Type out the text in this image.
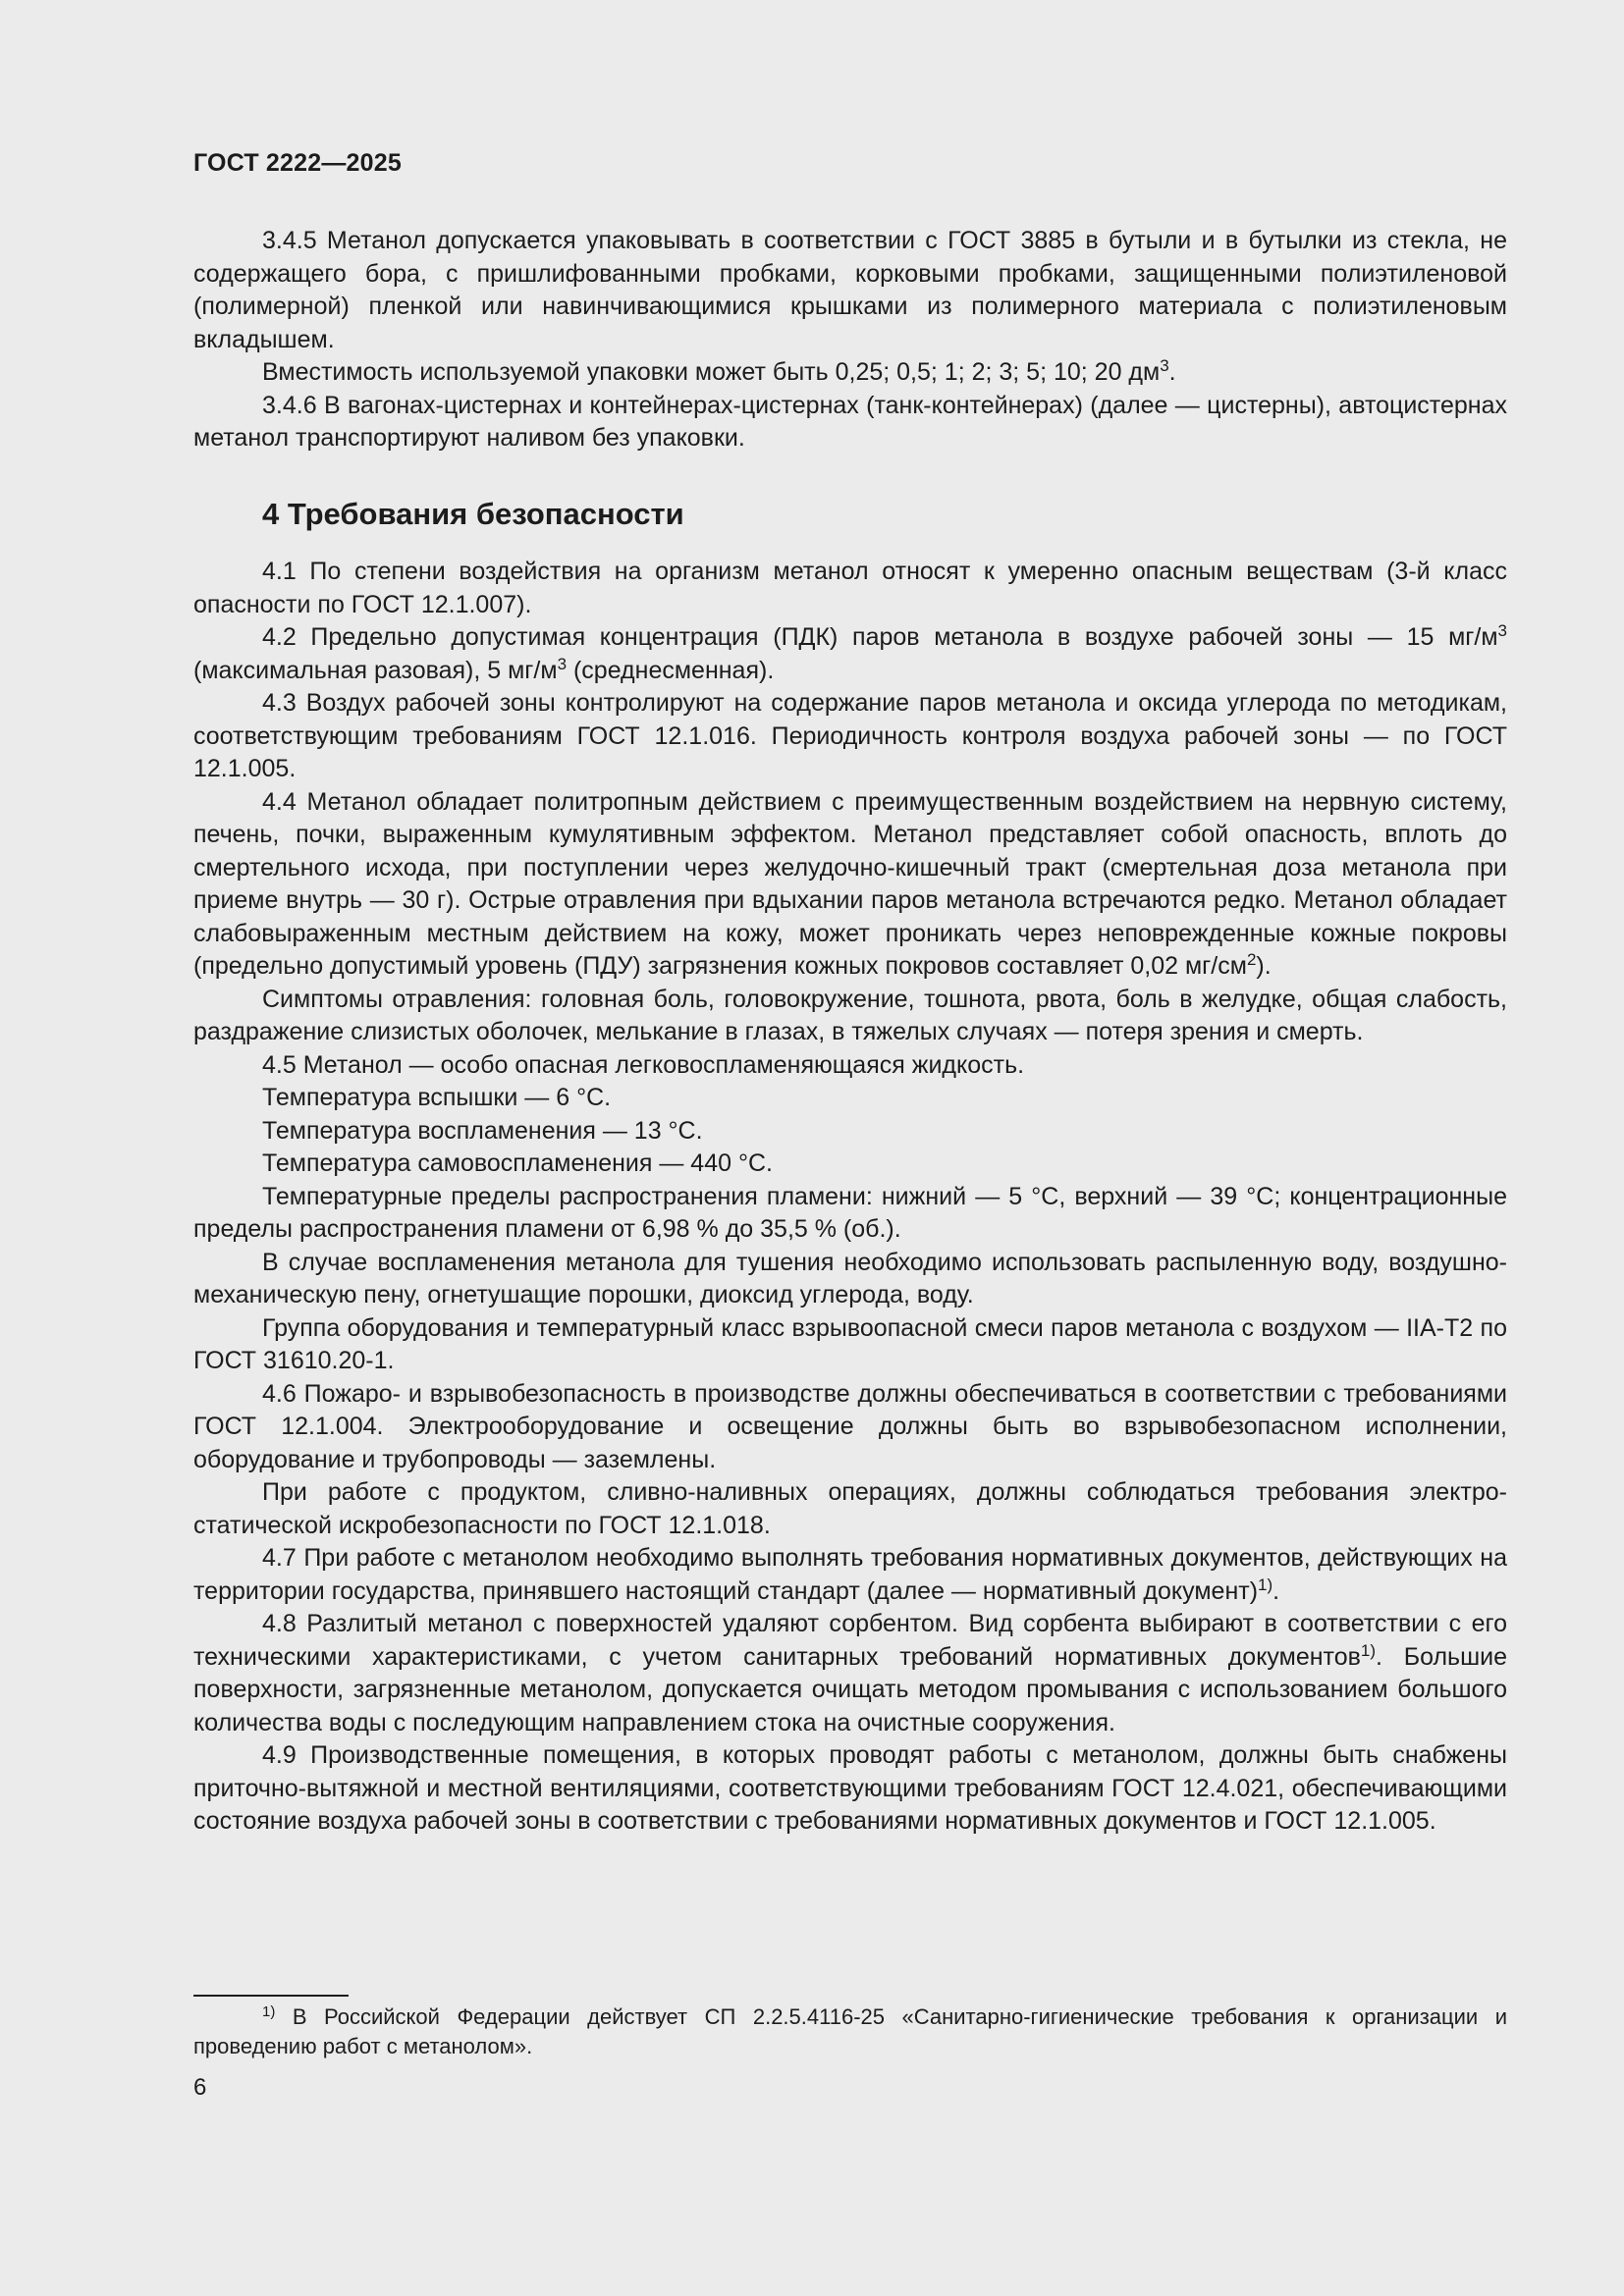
ГОСТ 2222—2025

3.4.5 Метанол допускается упаковывать в соответствии с ГОСТ 3885 в бутыли и в бутылки из стекла, не содержащего бора, с пришлифованными пробками, корковыми пробками, защищенными полиэтиленовой (полимерной) пленкой или навинчивающимися крышками из полимерного материала с полиэтиленовым вкладышем.

Вместимость используемой упаковки может быть 0,25; 0,5; 1; 2; 3; 5; 10; 20 $дм^3$.

3.4.6 В вагонах-цистернах и контейнерах-цистернах (танк-контейнерах) (далее — цистерны), автоцистернах метанол транспортируют наливом без упаковки.

4 Требования безопасности

4.1 По степени воздействия на организм метанол относят к умеренно опасным веществам (3-й класс опасности по ГОСТ 12.1.007).

4.2 Предельно допустимая концентрация (ПДК) паров метанола в воздухе рабочей зоны — 15 $мг/м^3$ (максимальная разовая), 5 $мг/м^3$ (среднесменная).

4.3 Воздух рабочей зоны контролируют на содержание паров метанола и оксида углерода по методикам, соответствующим требованиям ГОСТ 12.1.016. Периодичность контроля воздуха рабочей зоны — по ГОСТ 12.1.005.

4.4 Метанол обладает политропным действием с преимущественным воздействием на нервную систему, печень, почки, выраженным кумулятивным эффектом. Метанол представляет собой опасность, вплоть до смертельного исхода, при поступлении через желудочно-кишечный тракт (смертельная доза метанола при приеме внутрь — 30 г). Острые отравления при вдыхании паров метанола встречаются редко. Метанол обладает слабовыраженным местным действием на кожу, может проникать через неповрежденные кожные покровы (предельно допустимый уровень (ПДУ) загрязнения кожных покровов составляет 0,02 $мг/см^2$).

Симптомы отравления: головная боль, головокружение, тошнота, рвота, боль в желудке, общая слабость, раздражение слизистых оболочек, мелькание в глазах, в тяжелых случаях — потеря зрения и смерть.

4.5 Метанол — особо опасная легковоспламеняющаяся жидкость.

Температура вспышки — 6 °С.

Температура воспламенения — 13 °С.

Температура самовоспламенения — 440 °С.

Температурные пределы распространения пламени: нижний — 5 °С, верхний — 39 °С; концентрационные пределы распространения пламени от 6,98 % до 35,5 % (об.).

В случае воспламенения метанола для тушения необходимо использовать распыленную воду, воздушно-механическую пену, огнетушащие порошки, диоксид углерода, воду.

Группа оборудования и температурный класс взрывоопасной смеси паров метанола с воздухом — IIA-T2 по ГОСТ 31610.20-1.

4.6 Пожаро- и взрывобезопасность в производстве должны обеспечиваться в соответствии с требованиями ГОСТ 12.1.004. Электрооборудование и освещение должны быть во взрывобезопасном исполнении, оборудование и трубопроводы — заземлены.

При работе с продуктом, сливно-наливных операциях, должны соблюдаться требования электростатической искробезопасности по ГОСТ 12.1.018.

4.7 При работе с метанолом необходимо выполнять требования нормативных документов, действующих на территории государства, принявшего настоящий стандарт (далее — нормативный документ)$^{1)}$.

4.8 Разлитый метанол с поверхностей удаляют сорбентом. Вид сорбента выбирают в соответствии с его техническими характеристиками, с учетом санитарных требований нормативных документов$^{1)}$. Большие поверхности, загрязненные метанолом, допускается очищать методом промывания с использованием большого количества воды с последующим направлением стока на очистные сооружения.

4.9 Производственные помещения, в которых проводят работы с метанолом, должны быть снабжены приточно-вытяжной и местной вентиляциями, соответствующими требованиям ГОСТ 12.4.021, обеспечивающими состояние воздуха рабочей зоны в соответствии с требованиями нормативных документов и ГОСТ 12.1.005.

$^{1)}$ В Российской Федерации действует СП 2.2.5.4116-25 «Санитарно-гигиенические требования к организации и проведению работ с метанолом».

6
